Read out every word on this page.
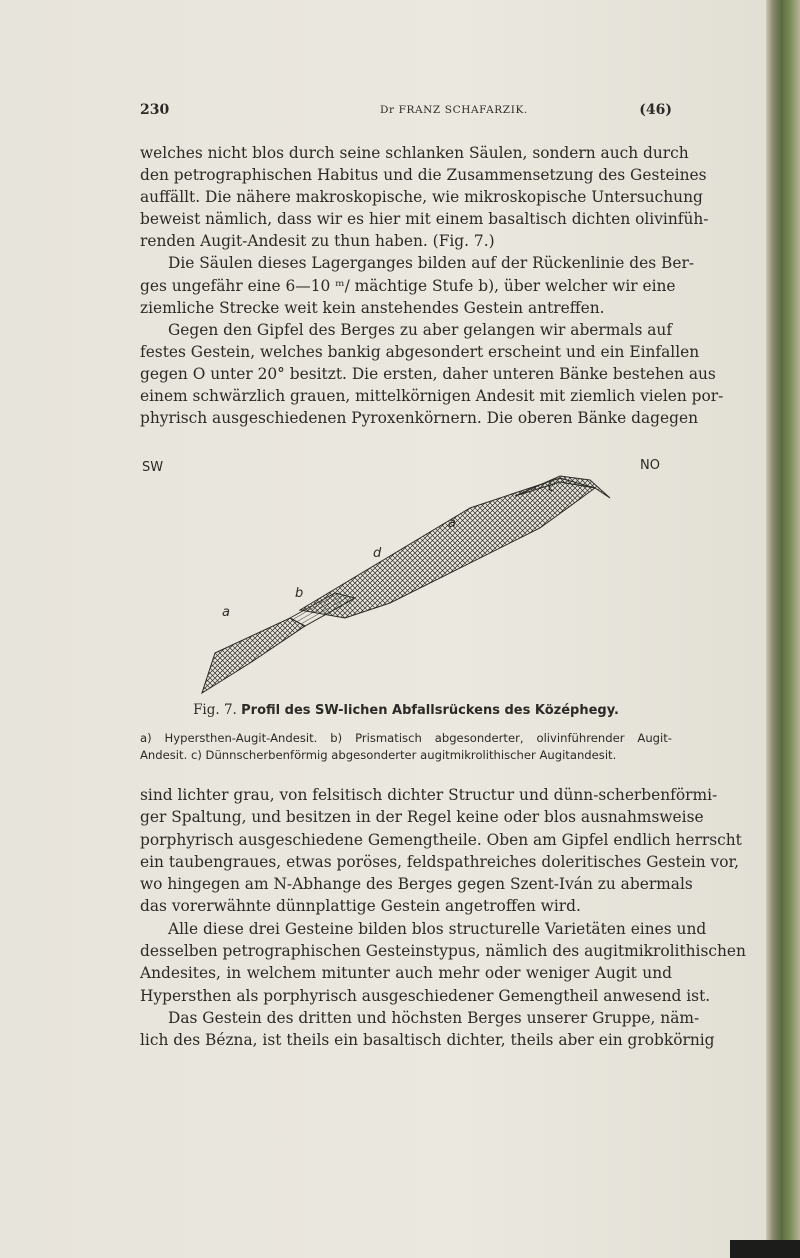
230	Dr FRANZ SCHAFARZIK.	(46)
welches nicht blos durch seine schlanken Säulen, sondern auch durch
den petrographischen Habitus und die Zusammensetzung des Gesteines
auffällt. Die nähere makroskopische, wie mikroskopische Untersuchung
beweist nämlich, dass wir es hier mit einem basaltisch dichten olivinfüh-
renden Augit-Andesit zu thun haben. (Fig. 7.)
Die Säulen dieses Lagerganges bilden auf der Rückenlinie des Ber-
ges ungefähr eine 6—10 ᵐ/ mächtige Stufe b), über welcher wir eine
ziemliche Strecke weit kein anstehendes Gestein antreffen.
Gegen den Gipfel des Berges zu aber gelangen wir abermals auf
festes Gestein, welches bankig abgesondert erscheint und ein Einfallen
gegen O unter 20° besitzt. Die ersten, daher unteren Bänke bestehen aus
einem schwärzlich grauen, mittelkörnigen Andesit mit ziemlich vielen por-
phyrisch ausgeschiedenen Pyroxenkörnern. Die oberen Bänke dagegen
SW	NO
c
a
d
b
a
Fig. 7. Profil des SW-lichen Abfallsrückens des Középhegy.
a) Hypersthen-Augit-Andesit. b) Prismatisch abgesonderter, olivinführender Augit-
Andesit. c) Dünnscherbenförmig abgesonderter augitmikrolithischer Augitandesit.
sind lichter grau, von felsitisch dichter Structur und dünn-scherbenförmi-
ger Spaltung, und besitzen in der Regel keine oder blos ausnahmsweise
porphyrisch ausgeschiedene Gemengtheile. Oben am Gipfel endlich herrscht
ein taubengraues, etwas poröses, feldspathreiches doleritisches Gestein vor,
wo hingegen am N-Abhange des Berges gegen Szent-Iván zu abermals
das vorerwähnte dünnplattige Gestein angetroffen wird.
Alle diese drei Gesteine bilden blos structurelle Varietäten eines und
desselben petrographischen Gesteinstypus, nämlich des augitmikrolithischen
Andesites, in welchem mitunter auch mehr oder weniger Augit und
Hypersthen als porphyrisch ausgeschiedener Gemengtheil anwesend ist.
Das Gestein des dritten und höchsten Berges unserer Gruppe, näm-
lich des Bézna, ist theils ein basaltisch dichter, theils aber ein grobkörnig
